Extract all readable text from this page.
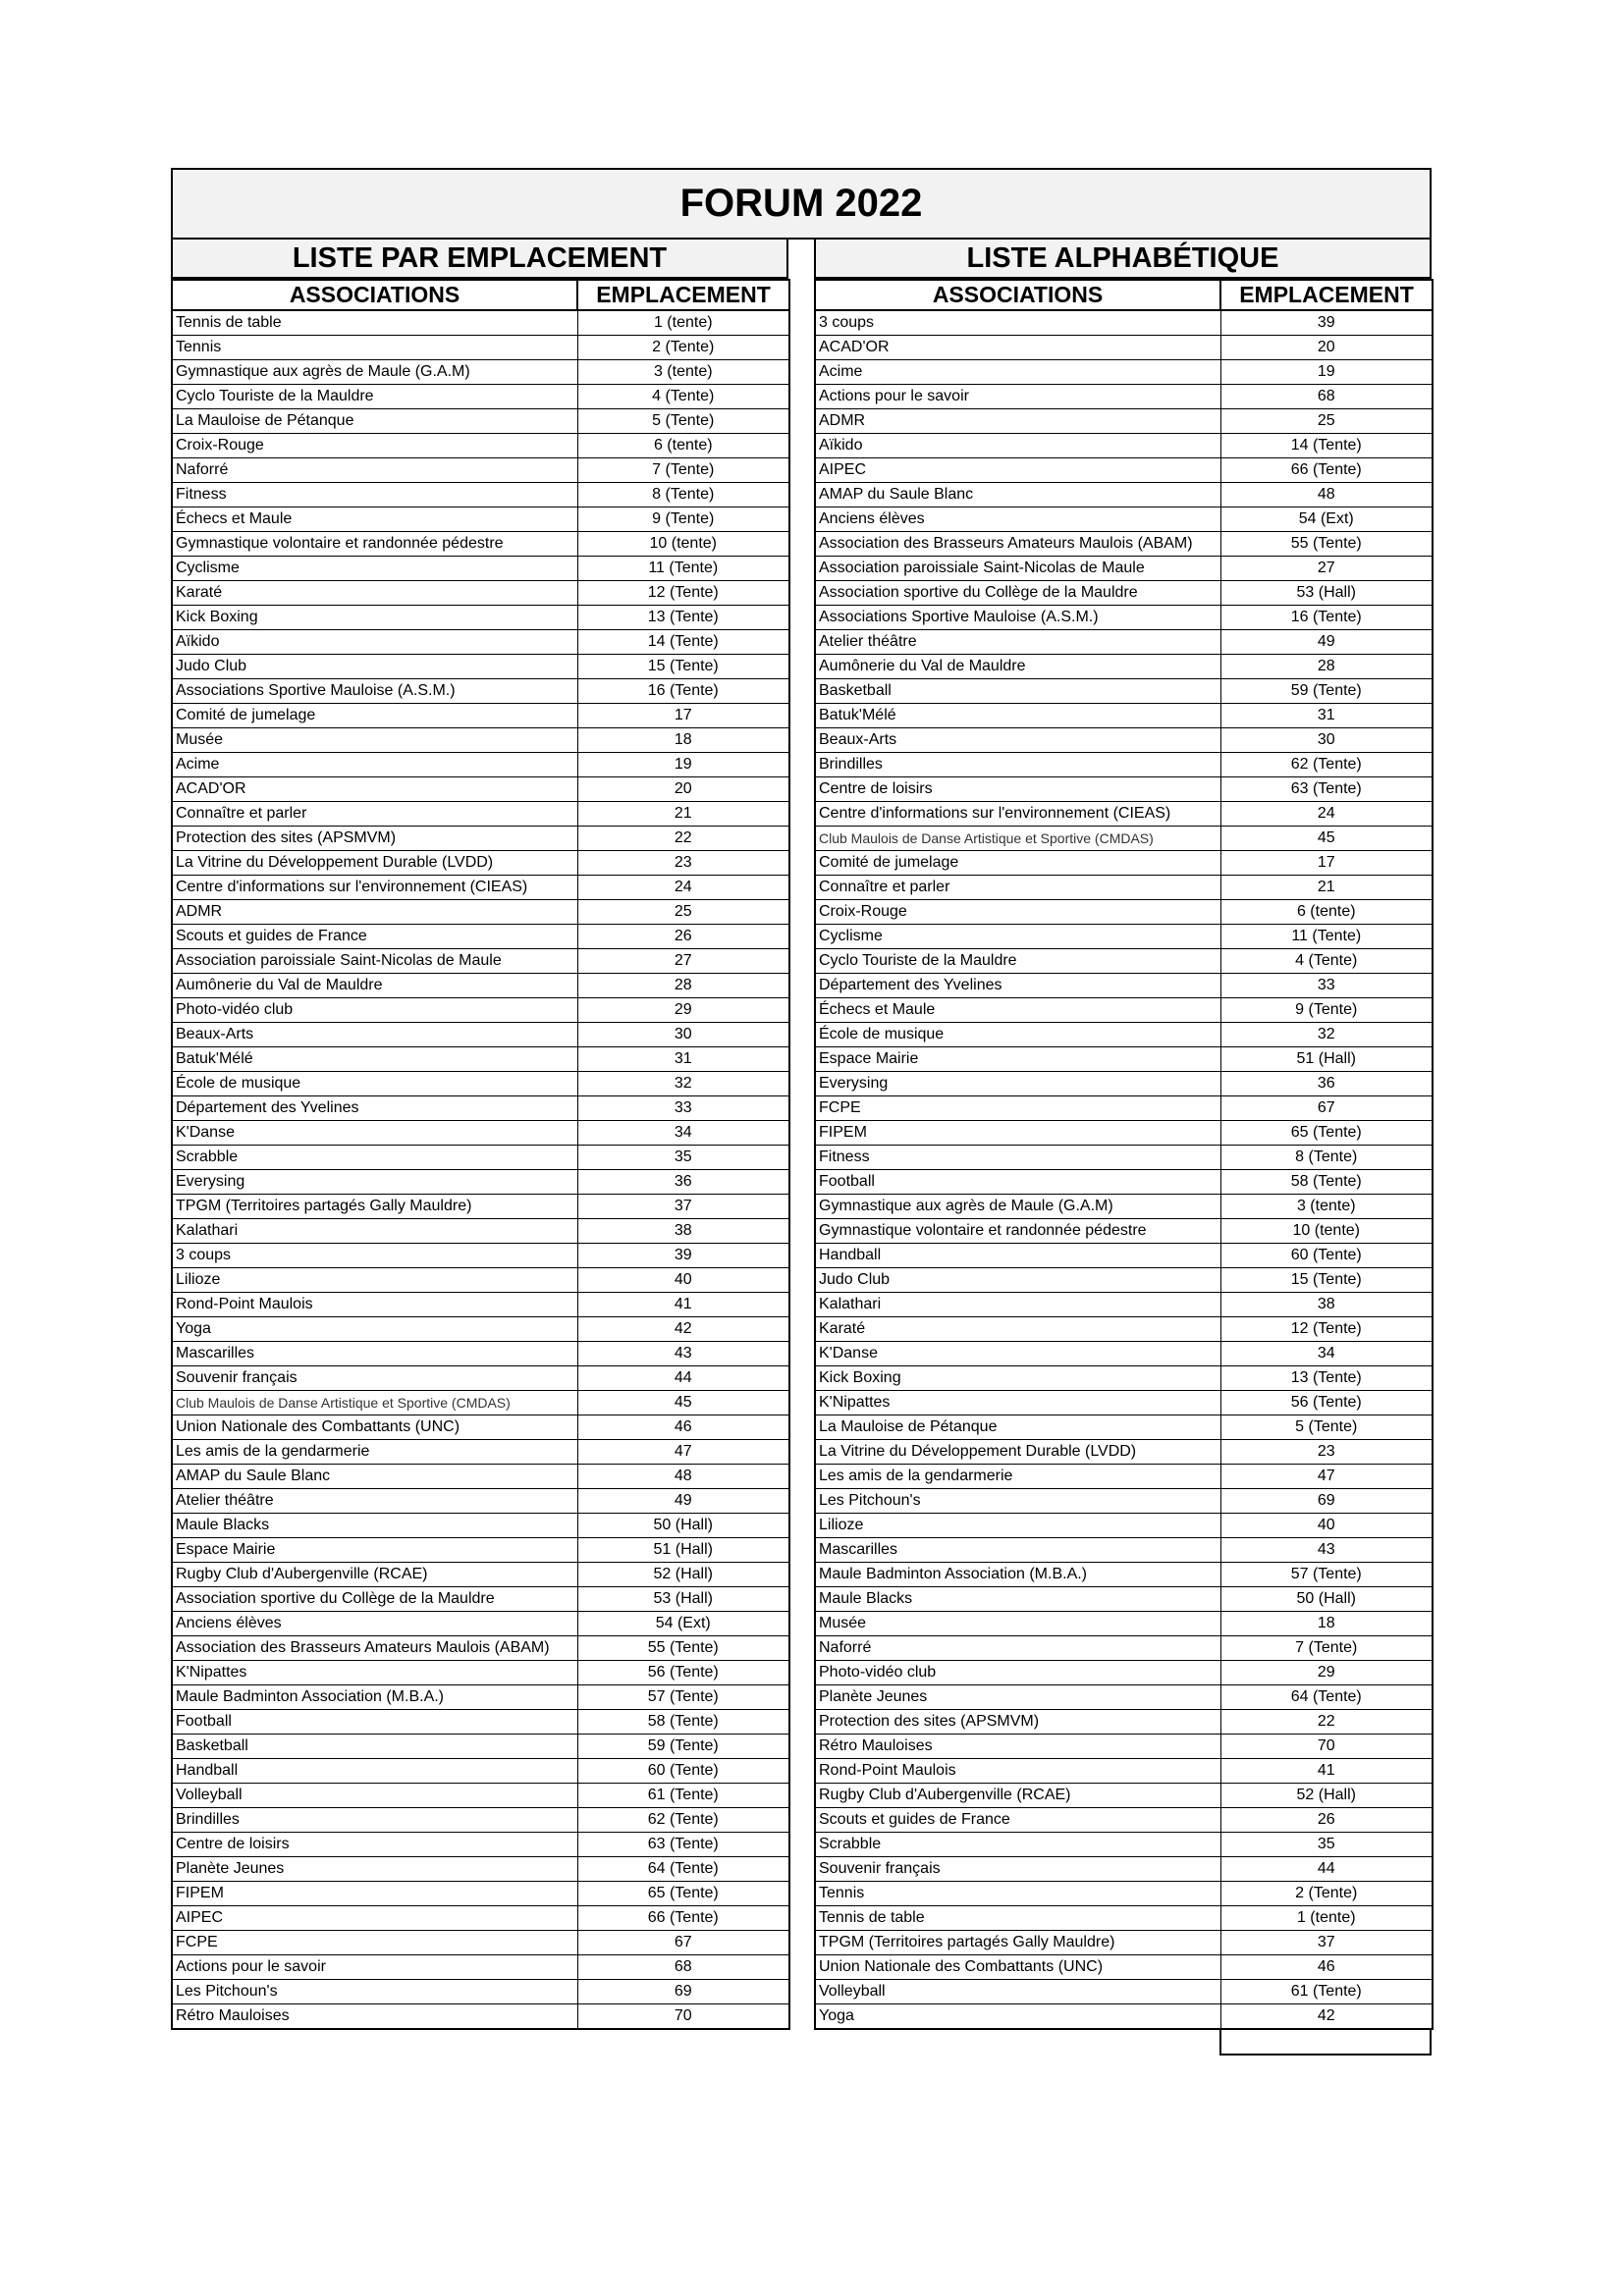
FORUM 2022
LISTE PAR EMPLACEMENT
ASSOCIATIONS	EMPLACEMENT
Tennis de table	1 (tente)
Tennis	2 (Tente)
Gymnastique aux agrès de Maule (G.A.M)	3 (tente)
Cyclo Touriste de la Mauldre	4 (Tente)
La Mauloise de Pétanque	5 (Tente)
Croix-Rouge	6 (tente)
Naforré	7 (Tente)
Fitness	8 (Tente)
Échecs et Maule	9 (Tente)
Gymnastique volontaire et randonnée pédestre	10 (tente)
Cyclisme	11 (Tente)
Karaté	12 (Tente)
Kick Boxing	13 (Tente)
Aïkido	14 (Tente)
Judo Club	15 (Tente)
Associations Sportive Mauloise (A.S.M.)	16 (Tente)
Comité de jumelage	17
Musée	18
Acime	19
ACAD'OR	20
Connaître et parler	21
Protection des sites (APSMVM)	22
La Vitrine du Développement Durable (LVDD)	23
Centre d'informations sur l'environnement (CIEAS)	24
ADMR	25
Scouts et guides de France	26
Association paroissiale Saint-Nicolas de Maule	27
Aumônerie du Val de Mauldre	28
Photo-vidéo club	29
Beaux-Arts	30
Batuk'Mélé	31
École de musique	32
Département des Yvelines	33
K'Danse	34
Scrabble	35
Everysing	36
TPGM (Territoires partagés Gally Mauldre)	37
Kalathari	38
3 coups	39
Lilioze	40
Rond-Point Maulois	41
Yoga	42
Mascarilles	43
Souvenir français	44
Club Maulois de Danse Artistique et Sportive (CMDAS)	45
Union Nationale des Combattants (UNC)	46
Les amis de la gendarmerie	47
AMAP du Saule Blanc	48
Atelier théâtre	49
Maule Blacks	50 (Hall)
Espace Mairie	51 (Hall)
Rugby Club d'Aubergenville (RCAE)	52 (Hall)
Association sportive du Collège de la Mauldre	53 (Hall)
Anciens élèves	54 (Ext)
Association des Brasseurs Amateurs Maulois (ABAM)	55 (Tente)
K'Nipattes	56 (Tente)
Maule Badminton Association (M.B.A.)	57 (Tente)
Football	58 (Tente)
Basketball	59 (Tente)
Handball	60 (Tente)
Volleyball	61 (Tente)
Brindilles	62 (Tente)
Centre de loisirs	63 (Tente)
Planète Jeunes	64 (Tente)
FIPEM	65 (Tente)
AIPEC	66 (Tente)
FCPE	67
Actions pour le savoir	68
Les Pitchoun's	69
Rétro Mauloises	70
LISTE ALPHABÉTIQUE
ASSOCIATIONS	EMPLACEMENT
3 coups	39
ACAD'OR	20
Acime	19
Actions pour le savoir	68
ADMR	25
Aïkido	14 (Tente)
AIPEC	66 (Tente)
AMAP du Saule Blanc	48
Anciens élèves	54 (Ext)
Association des Brasseurs Amateurs Maulois (ABAM)	55 (Tente)
Association paroissiale Saint-Nicolas de Maule	27
Association sportive du Collège de la Mauldre	53 (Hall)
Associations Sportive Mauloise (A.S.M.)	16 (Tente)
Atelier théâtre	49
Aumônerie du Val de Mauldre	28
Basketball	59 (Tente)
Batuk'Mélé	31
Beaux-Arts	30
Brindilles	62 (Tente)
Centre de loisirs	63 (Tente)
Centre d'informations sur l'environnement (CIEAS)	24
Club Maulois de Danse Artistique et Sportive (CMDAS)	45
Comité de jumelage	17
Connaître et parler	21
Croix-Rouge	6 (tente)
Cyclisme	11 (Tente)
Cyclo Touriste de la Mauldre	4 (Tente)
Département des Yvelines	33
Échecs et Maule	9 (Tente)
École de musique	32
Espace Mairie	51 (Hall)
Everysing	36
FCPE	67
FIPEM	65 (Tente)
Fitness	8 (Tente)
Football	58 (Tente)
Gymnastique aux agrès de Maule (G.A.M)	3 (tente)
Gymnastique volontaire et randonnée pédestre	10 (tente)
Handball	60 (Tente)
Judo Club	15 (Tente)
Kalathari	38
Karaté	12 (Tente)
K'Danse	34
Kick Boxing	13 (Tente)
K'Nipattes	56 (Tente)
La Mauloise de Pétanque	5 (Tente)
La Vitrine du Développement Durable (LVDD)	23
Les amis de la gendarmerie	47
Les Pitchoun's	69
Lilioze	40
Mascarilles	43
Maule Badminton Association (M.B.A.)	57 (Tente)
Maule Blacks	50 (Hall)
Musée	18
Naforré	7 (Tente)
Photo-vidéo club	29
Planète Jeunes	64 (Tente)
Protection des sites (APSMVM)	22
Rétro Mauloises	70
Rond-Point Maulois	41
Rugby Club d'Aubergenville (RCAE)	52 (Hall)
Scouts et guides de France	26
Scrabble	35
Souvenir français	44
Tennis	2 (Tente)
Tennis de table	1 (tente)
TPGM (Territoires partagés Gally Mauldre)	37
Union Nationale des Combattants (UNC)	46
Volleyball	61 (Tente)
Yoga	42
